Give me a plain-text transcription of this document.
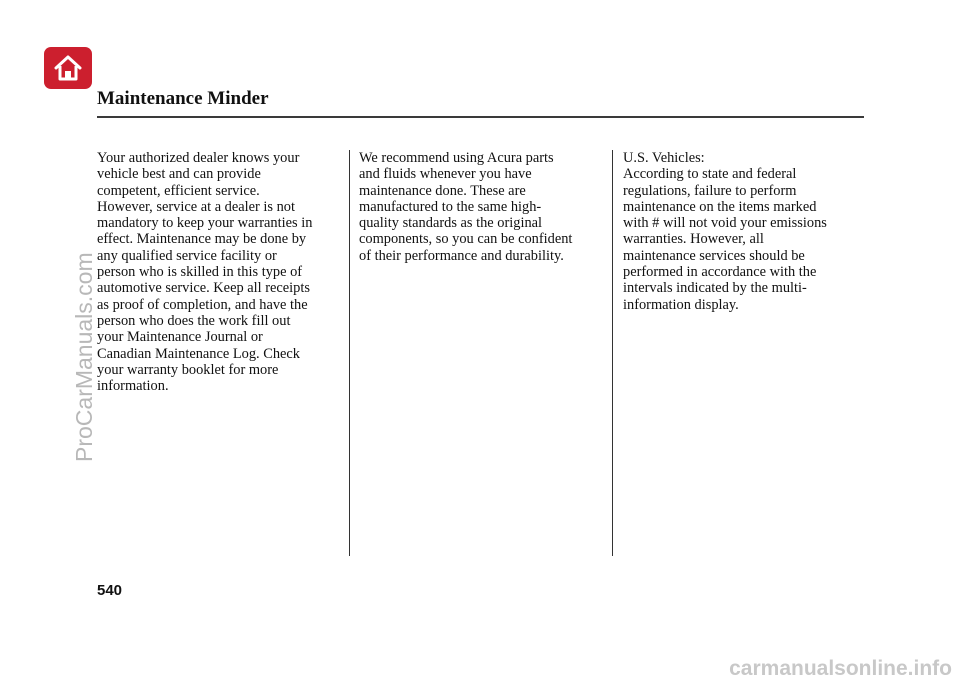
Maintenance Minder
Your authorized dealer knows your
vehicle best and can provide
competent, efficient service.
However, service at a dealer is not
mandatory to keep your warranties in
effect. Maintenance may be done by
any qualified service facility or
person who is skilled in this type of
automotive service. Keep all receipts
as proof of completion, and have the
person who does the work fill out
your Maintenance Journal or
Canadian Maintenance Log. Check
your warranty booklet for more
information.
We recommend using Acura parts
and fluids whenever you have
maintenance done. These are
manufactured to the same high-
quality standards as the original
components, so you can be confident
of their performance and durability.
U.S. Vehicles:
According to state and federal
regulations, failure to perform
maintenance on the items marked
with # will not void your emissions
warranties. However, all
maintenance services should be
performed in accordance with the
intervals indicated by the multi-
information display.
540
ProCarManuals.com
carmanualsonline.info
